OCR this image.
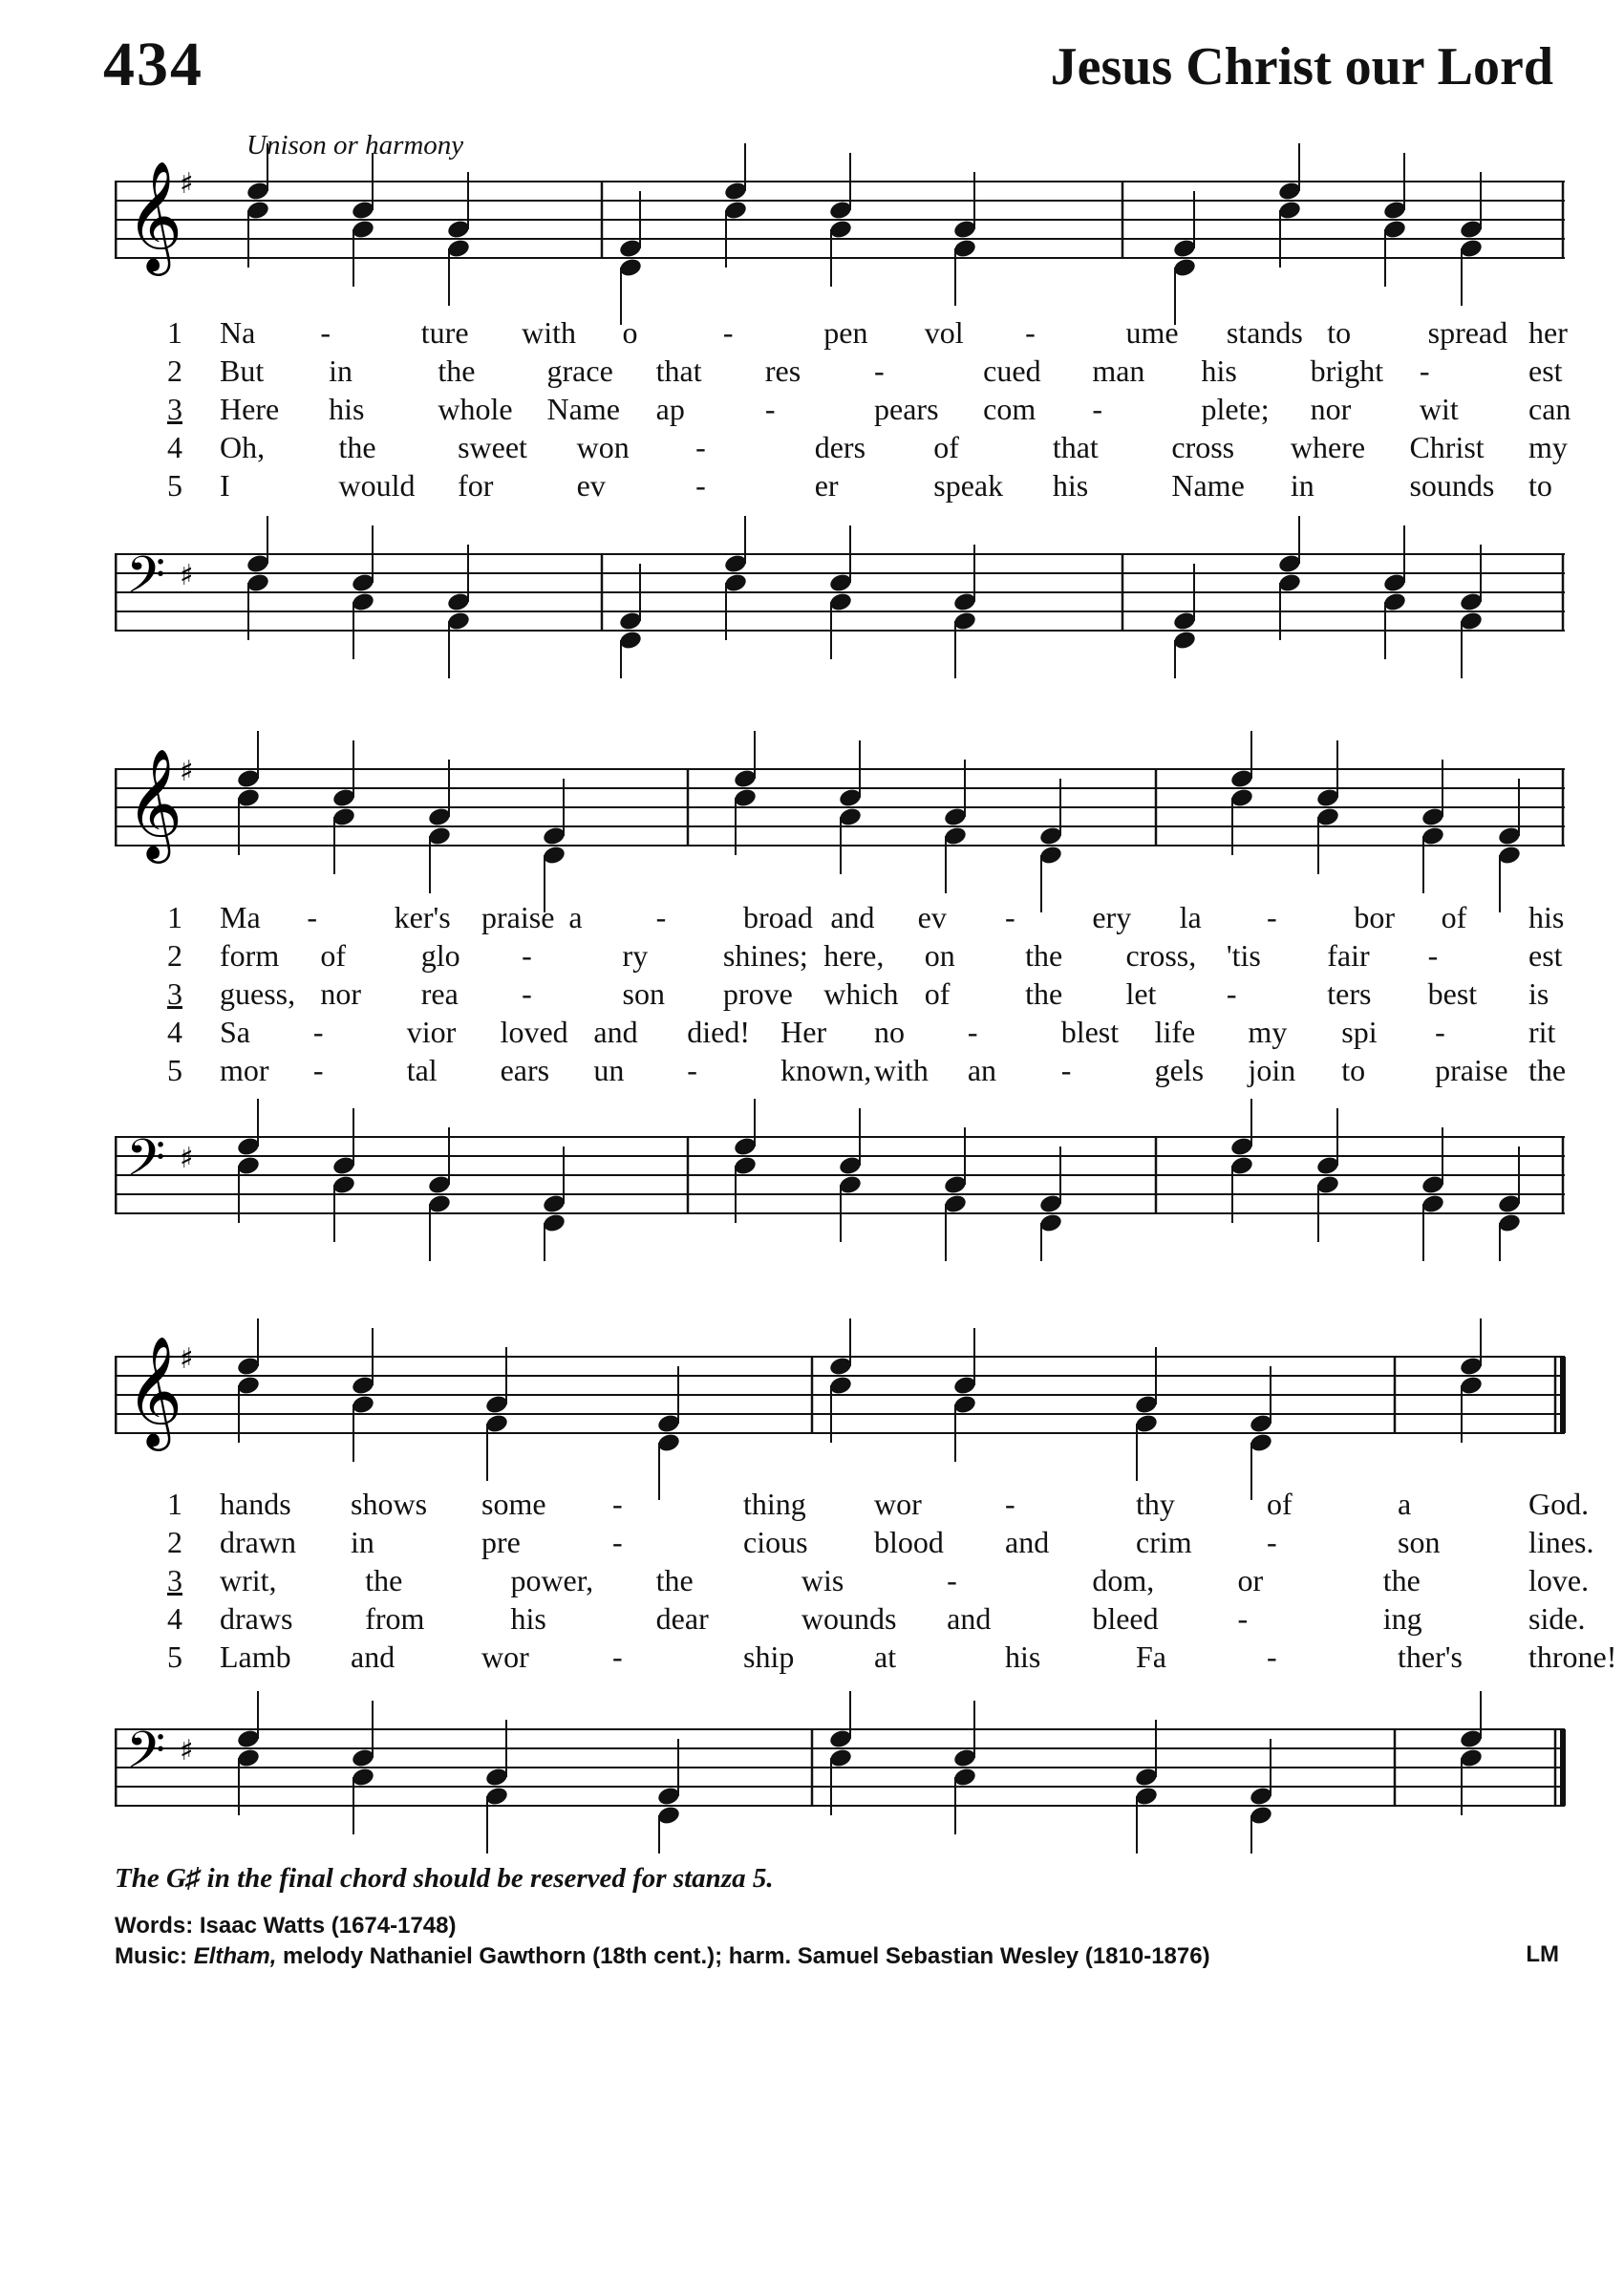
434	Jesus Christ our Lord
Unison or harmony
𝄞
♯
𝄢 ♯
𝄞
♯
𝄢 ♯
𝄞
♯
𝄢 ♯
1 Na -	ture with o	-	pen vol -	ume stands to	spread her
2 But in	the grace that res -	cued man his bright -	est
3 Here his whole Name ap	-	pears com -	plete; nor wit can
4 Oh, the	sweet won -	ders of	that cross where Christ my
5 I	would for	ev	-	er	speak his	Name in	sounds to
1 Ma -	ker's praise a -	broad and ev -	ery la -	bor of his
2 form of glo -	ry shines; here, on the cross, 'tis fair -	est
3 guess, nor rea -	son prove which of the let -	ters best is
4 Sa -	vior loved and died! Her no -	blest life my spi -	rit
5 mor -	tal ears un -	known, with an -	gels join to praise the
1 hands shows some -	thing wor	-	thy	of	a	God.
2 drawn in	pre	-	cious blood and	crim -	son	lines.
3 writ,	the	power, the	wis	-	dom,	or	the	love.
4 draws from	his	dear	wounds and	bleed	-	ing	side.
5 Lamb and	wor	-	ship	at	his	Fa	-	ther's throne!
The G♯ in the final chord should be reserved for stanza 5.
Words: Isaac Watts (1674-1748)
Music: Eltham, melody Nathaniel Gawthorn (18th cent.); harm. Samuel Sebastian Wesley (1810-1876)	LM
